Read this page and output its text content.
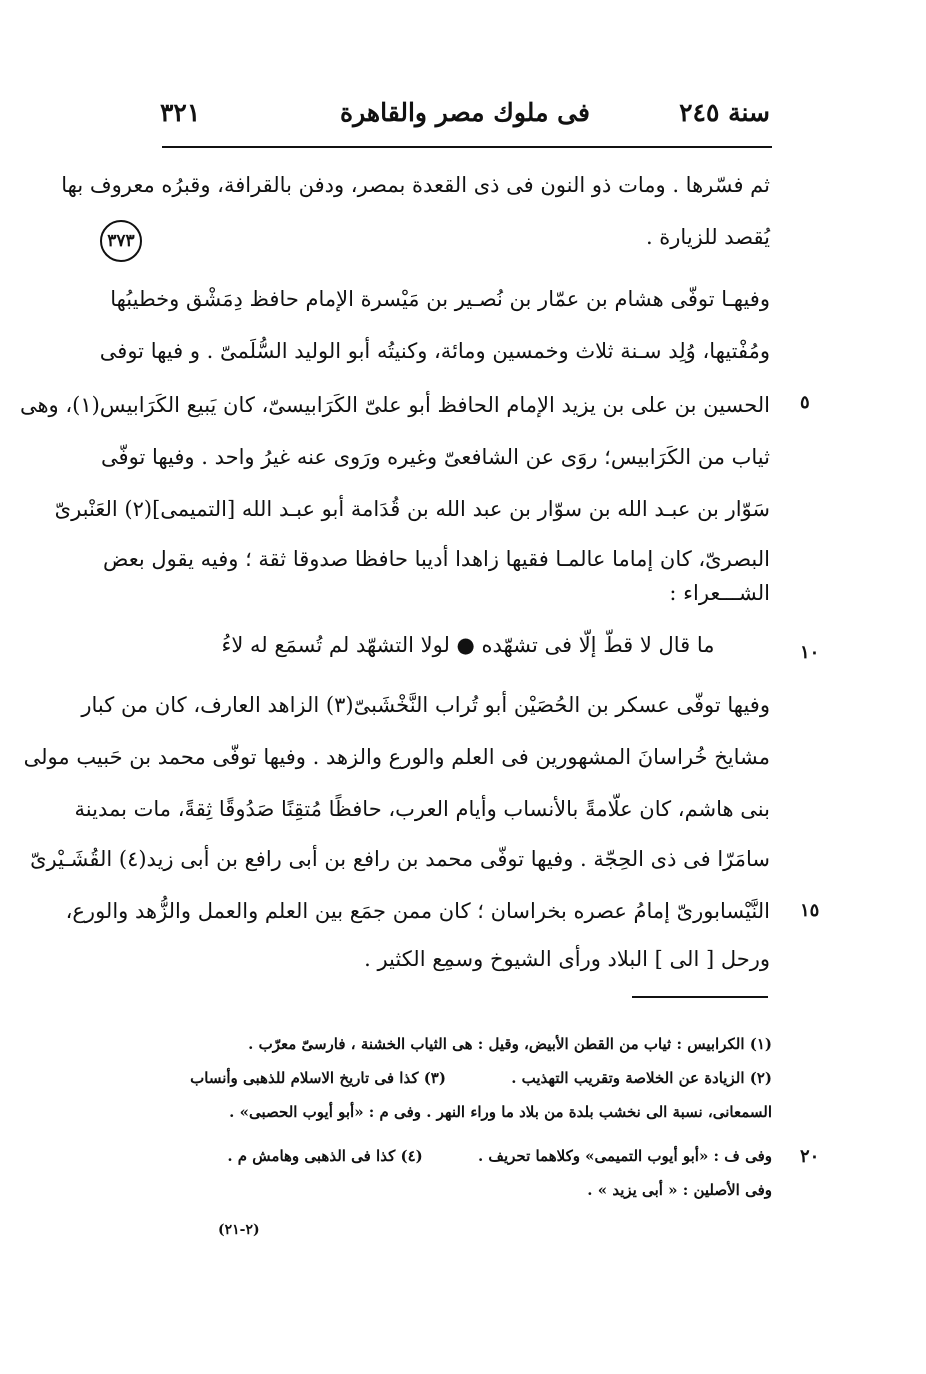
سنة ٢٤٥
فى ملوك مصر والقاهرة
٣٢١
٣٧٣
ثم فسّرها . ومات ذو النون فى ذى القعدة بمصر، ودفن بالقرافة، وقبرُه معروف بها
يُقصد للزيارة .
وفيهـا توفّى هشام بن عمّار بن نُصـير بن مَيْسرة الإمام حافظ دِمَشْق وخطيبُها
ومُفْتيها، وُلِد سـنة ثلاث وخمسين ومائة، وكنيتُه أبو الوليد السُّلَمىّ . و فيها توفى
الحسين بن على بن يزيد الإمام الحافظ أبو علىّ الكَرَابيسىّ، كان يَبيع الكَرَابيس(١)، وهى
ثياب من الكَرَابيس؛ روَى عن الشافعىّ وغيره ورَوى عنه غيرُ واحد . وفيها توفّى
سَوّار بن عبـد الله بن سوّار بن عبد الله بن قُدَامة أبو عبـد الله [التميمى](٢) العَنْبرىّ
البصرىّ، كان إماما عالمـا فقيها زاهدا أديبا حافظا صدوقا ثقة ؛ وفيه يقول بعض
الشـــعراء :
ما قال لا قطّ إلّا فى تشهّده ● لولا التشهّد لم تُسمَع له لاءُ
وفيها توفّى عسكر بن الحُصَيْن أبو تُراب النَّخْشَبىّ(٣) الزاهد العارف، كان من كبار
مشايخ خُراسانَ المشهورين فى العلم والورع والزهد . وفيها توفّى محمد بن حَبيب مولى
بنى هاشم، كان علّامةً بالأنساب وأيام العرب، حافظًا مُتقِنًا صَدُوقًا ثِقةً، مات بمدينة
سامَرّا فى ذى الحِجّة . وفيها توفّى محمد بن رافع بن أبى رافع بن أبى زيد(٤) القُشَـيْرىّ
النَّيْسابورىّ إمامُ عصره بخراسان ؛ كان ممن جمَع بين العلم والعمل والزُّهد والورع،
ورحل [ الى ] البلاد ورأى الشيوخ وسمِع الكثير .
٥
١٠
١٥
٢٠
(١) الكرابيس : ثياب من القطن الأبيض، وقيل : هى الثياب الخشنة ، فارسىّ معرّب .
(٢) الزيادة عن الخلاصة وتقريب التهذيب . (٣) كذا فى تاريخ الاسلام للذهبى وأنساب
السمعانى، نسبة الى نخشب بلدة من بلاد ما وراء النهر . وفى م : «أبو أيوب الحصبى» .
وفى ف : «أبو أيوب التميمى» وكلاهما تحريف . (٤) كذا فى الذهبى وهامش م .
وفى الأصلين : « أبى يزيد » .
(٢-٢١)
